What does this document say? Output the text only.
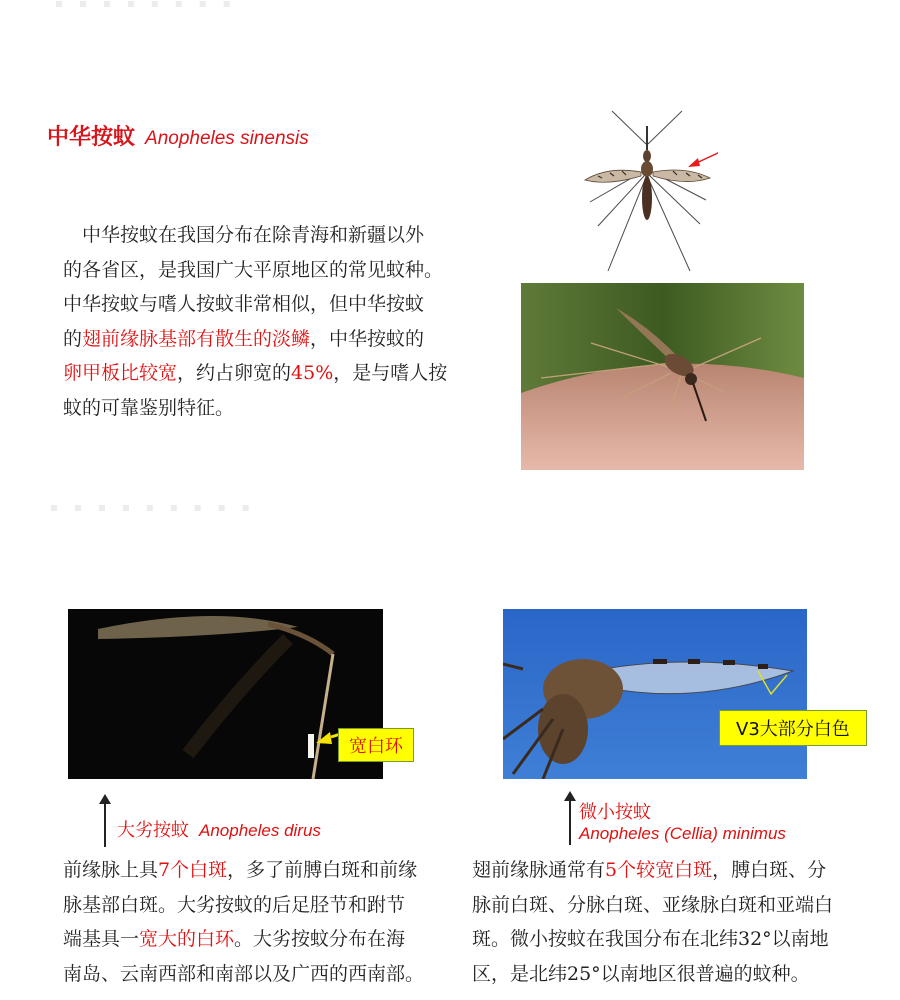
▪ ▪ ▪ ▪ ▪ ▪ ▪ ▪
▪ ▪ ▪ ▪ ▪ ▪ ▪ ▪ ▪
中华按蚊 Anopheles sinensis
中华按蚊在我国分布在除青海和新疆以外
的各省区，是我国广大平原地区的常见蚊种。
中华按蚊与嗜人按蚊非常相似，但中华按蚊
的翅前缘脉基部有散生的淡鳞，中华按蚊的
卵甲板比较宽，约占卵宽的45%，是与嗜人按
蚊的可靠鉴别特征。
宽白环
大劣按蚊 Anopheles dirus
前缘脉上具7个白斑，多了前膊白斑和前缘
脉基部白斑。大劣按蚊的后足胫节和跗节
端基具一宽大的白环。大劣按蚊分布在海
南岛、云南西部和南部以及广西的西南部。
V3大部分白色
微小按蚊
Anopheles (Cellia) minimus
翅前缘脉通常有5个较宽白斑，膊白斑、分
脉前白斑、分脉白斑、亚缘脉白斑和亚端白
斑。微小按蚊在我国分布在北纬32°以南地
区，是北纬25°以南地区很普遍的蚊种。
